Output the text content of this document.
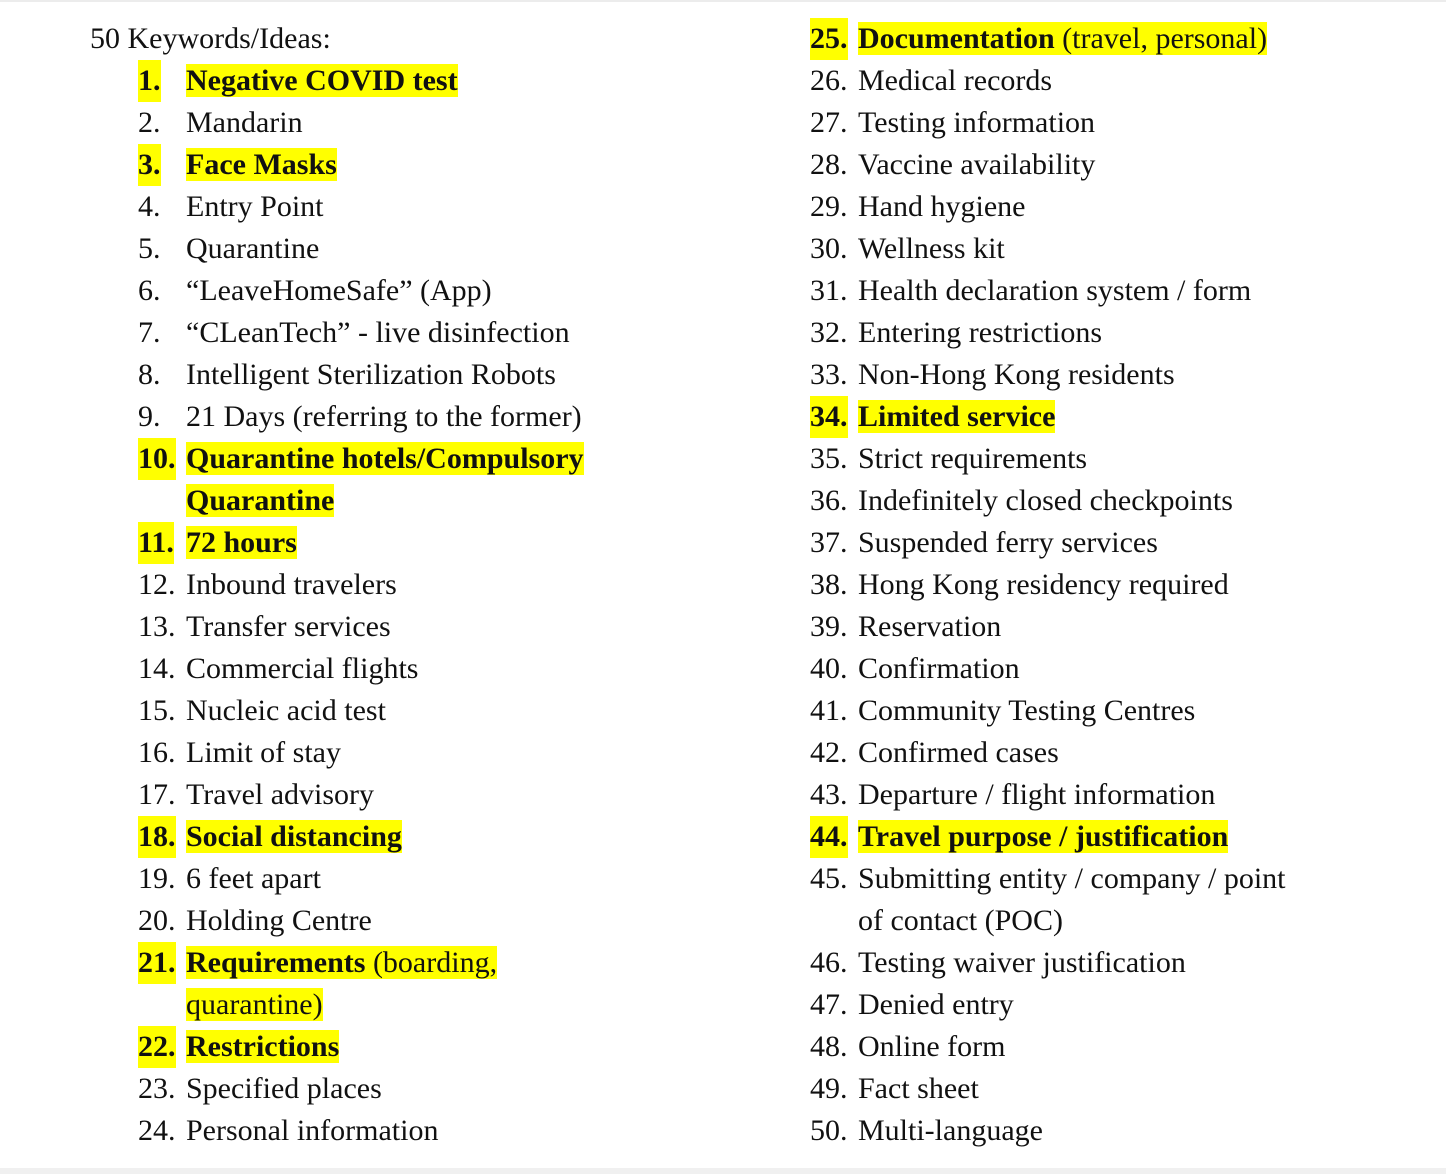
50 Keywords/Ideas:
1. Negative COVID test
2. Mandarin
3. Face Masks
4. Entry Point
5. Quarantine
6. “LeaveHomeSafe” (App)
7. “CLeanTech” - live disinfection
8. Intelligent Sterilization Robots
9. 21 Days (referring to the former)
10. Quarantine hotels/Compulsory
Quarantine
11. 72 hours
12. Inbound travelers
13. Transfer services
14. Commercial flights
15. Nucleic acid test
16. Limit of stay
17. Travel advisory
18. Social distancing
19. 6 feet apart
20. Holding Centre
21. Requirements (boarding,
quarantine)
22. Restrictions
23. Specified places
24. Personal information
25. Documentation (travel, personal)
26. Medical records
27. Testing information
28. Vaccine availability
29. Hand hygiene
30. Wellness kit
31. Health declaration system / form
32. Entering restrictions
33. Non-Hong Kong residents
34. Limited service
35. Strict requirements
36. Indefinitely closed checkpoints
37. Suspended ferry services
38. Hong Kong residency required
39. Reservation
40. Confirmation
41. Community Testing Centres
42. Confirmed cases
43. Departure / flight information
44. Travel purpose / justification
45. Submitting entity / company / point
of contact (POC)
46. Testing waiver justification
47. Denied entry
48. Online form
49. Fact sheet
50. Multi-language
